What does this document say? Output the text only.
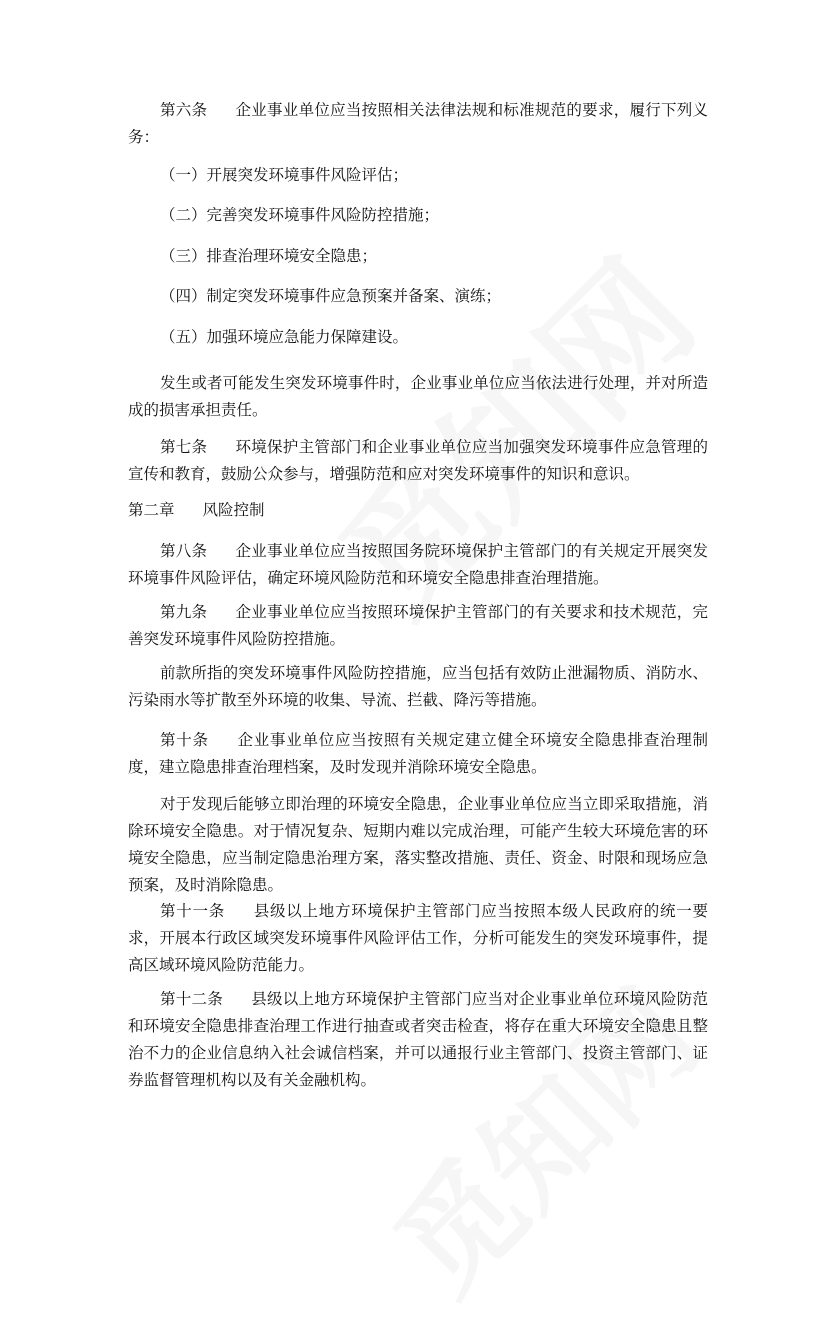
第六条 企业事业单位应当按照相关法律法规和标准规范的要求，履行下列义务：

（一）开展突发环境事件风险评估；

（二）完善突发环境事件风险防控措施；

（三）排查治理环境安全隐患；

（四）制定突发环境事件应急预案并备案、演练；

（五）加强环境应急能力保障建设。

发生或者可能发生突发环境事件时，企业事业单位应当依法进行处理，并对所造成的损害承担责任。

第七条 环境保护主管部门和企业事业单位应当加强突发环境事件应急管理的宣传和教育，鼓励公众参与，增强防范和应对突发环境事件的知识和意识。

第二章 风险控制

第八条 企业事业单位应当按照国务院环境保护主管部门的有关规定开展突发环境事件风险评估，确定环境风险防范和环境安全隐患排查治理措施。

第九条 企业事业单位应当按照环境保护主管部门的有关要求和技术规范，完善突发环境事件风险防控措施。

前款所指的突发环境事件风险防控措施，应当包括有效防止泄漏物质、消防水、污染雨水等扩散至外环境的收集、导流、拦截、降污等措施。

第十条 企业事业单位应当按照有关规定建立健全环境安全隐患排查治理制度，建立隐患排查治理档案，及时发现并消除环境安全隐患。

对于发现后能够立即治理的环境安全隐患，企业事业单位应当立即采取措施，消除环境安全隐患。对于情况复杂、短期内难以完成治理，可能产生较大环境危害的环境安全隐患，应当制定隐患治理方案，落实整改措施、责任、资金、时限和现场应急预案，及时消除隐患。

第十一条 县级以上地方环境保护主管部门应当按照本级人民政府的统一要求，开展本行政区域突发环境事件风险评估工作，分析可能发生的突发环境事件，提高区域环境风险防范能力。

第十二条 县级以上地方环境保护主管部门应当对企业事业单位环境风险防范和环境安全隐患排查治理工作进行抽查或者突击检查，将存在重大环境安全隐患且整治不力的企业信息纳入社会诚信档案，并可以通报行业主管部门、投资主管部门、证券监督管理机构以及有关金融机构。
